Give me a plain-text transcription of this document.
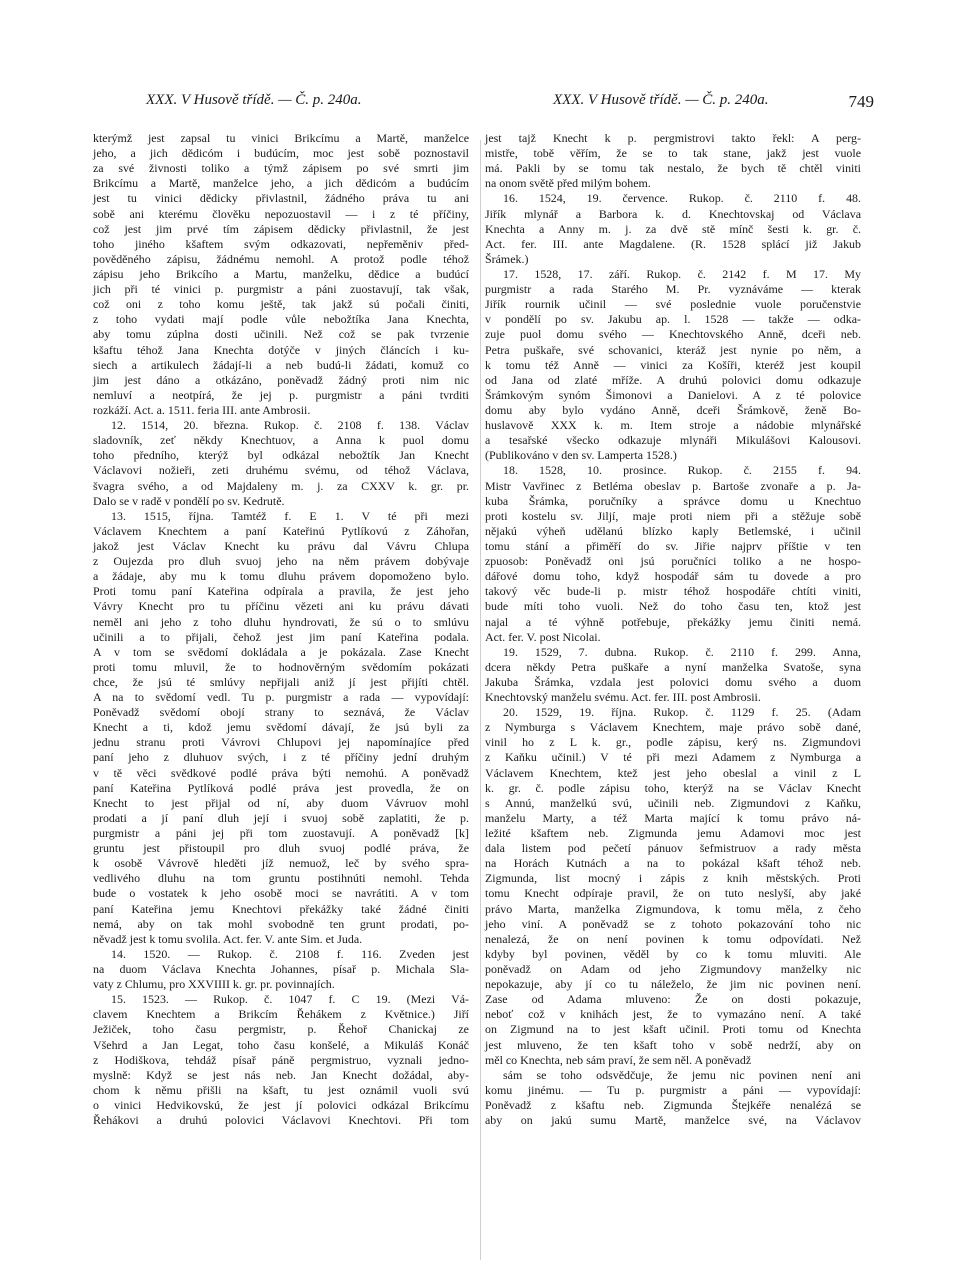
XXX. V Husově třídě. — Č. p. 240a.	XXX. V Husově třídě. — Č. p. 240a.	749
kterýmž jest zapsal tu vinici Brikcímu a Martě, manželce
jeho, a jich dědicóm i budúcím, moc jest sobě poznostavil
za své živnosti toliko a týmž zápisem po své smrti jim
Brikcímu a Martě, manželce jeho, a jich dědicóm a budúcím
jest tu vinici dědicky přivlastnil, žádného práva tu ani
sobě ani kterému člověku nepozuostavil — i z té příčiny,
což jest jim prvé tím zápisem dědicky přivlastnil, že jest
toho jiného kšaftem svým odkazovati, nepřeměniv před-
pověděného zápisu, žádnému nemohl. A protož podle téhož
zápisu jeho Brikcího a Martu, manželku, dědice a budúcí
jich při té vinici p. purgmistr a páni zuostavují, tak však,
což oni z toho komu ještě, tak jakž sú počali činiti,
z toho vydati mají podle vůle nebožtíka Jana Knechta,
aby tomu zúplna dosti učinili. Než což se pak tvrzenie
kšaftu téhož Jana Knechta dotýče v jiných článcích i ku-
siech a artikulech žádají-li a neb budú-li žádati, komuž co
jim jest dáno a otkázáno, poněvadž žádný proti nim nic
nemluví a neotpírá, že jej p. purgmistr a páni tvrditi
rozkáží. Act. a. 1511. feria III. ante Ambrosii.
12. 1514, 20. března. Rukop. č. 2108 f. 138. Václav
sladovník, zeť někdy Knechtuov, a Anna k puol domu
toho předního, kterýž byl odkázal nebožtík Jan Knecht
Václavovi nožieři, zeti druhému svému, od téhož Václava,
švagra svého, a od Majdaleny m. j. za CXXV k. gr. pr.
Dalo se v radě v pondělí po sv. Kedrutě.
13. 1515, října. Tamtéž f. E 1. V té při mezi
Václavem Knechtem a paní Kateřinú Pytlíkovú z Záhořan,
jakož jest Václav Knecht ku právu dal Vávru Chlupa
z Oujezda pro dluh svuoj jeho na něm právem dobývaje
a žádaje, aby mu k tomu dluhu právem dopomoženo bylo.
Proti tomu paní Kateřina odpírala a pravila, že jest jeho
Vávry Knecht pro tu příčinu vězeti ani ku právu dávati
neměl ani jeho z toho dluhu hyndrovati, že sú o to smlúvu
učinili a to přijali, čehož jest jim paní Kateřina podala.
A v tom se svědomí dokládala a je pokázala. Zase Knecht
proti tomu mluvil, že to hodnověrným svědomím pokázati
chce, že jsú té smlúvy nepřijali aniž jí jest přijíti chtěl.
A na to svědomí vedl. Tu p. purgmistr a rada — vypovídají:
Poněvadž svědomí obojí strany to seznává, že Václav
Knecht a ti, kdož jemu svědomí dávají, že jsú byli za
jednu stranu proti Vávrovi Chlupovi jej napomínajíce před
paní jeho z dluhuov svých, i z té příčiny jední druhým
v tě věci svědkové podlé práva býti nemohú. A poněvadž
paní Kateřina Pytlíková podlé práva jest provedla, že on
Knecht to jest přijal od ní, aby duom Vávruov mohl
prodati a jí paní dluh její i svuoj sobě zaplatiti, že p.
purgmistr a páni jej při tom zuostavují. A poněvadž [k]
gruntu jest přistoupil pro dluh svuoj podlé práva, že
k osobě Vávrově hleděti jíž nemuož, leč by svého spra-
vedlivého dluhu na tom gruntu postihnúti nemohl. Tehda
bude o vostatek k jeho osobě moci se navrátiti. A v tom
paní Kateřina jemu Knechtovi překážky také žádné činiti
nemá, aby on tak mohl svobodně ten grunt prodati, po-
něvadž jest k tomu svolila. Act. fer. V. ante Sim. et Juda.
14. 1520. — Rukop. č. 2108 f. 116. Zveden jest
na duom Václava Knechta Johannes, písař p. Michala Sla-
vaty z Chlumu, pro XXVIIII k. gr. pr. povinnajích.
15. 1523. — Rukop. č. 1047 f. C 19. (Mezi Vá-
clavem Knechtem a Brikcím Řehákem z Květnice.) Jiří
Ježiček, toho času pergmistr, p. Řehoř Chanickaj ze
Všehrd a Jan Legat, toho času konšelé, a Mikuláš Konáč
z Hodiškova, tehdáž písař páně pergmistruo, vyznali jedno-
myslně: Když se jest nás neb. Jan Knecht dožádal, aby-
chom k němu přišli na kšaft, tu jest oznámil vuoli svú
o vinici Hedvikovskú, že jest jí polovici odkázal Brikcímu
Řehákovi a druhú polovici Václavovi Knechtovi. Při tom
jest tajž Knecht k p. pergmistrovi takto řekl: A perg-
mistře, tobě věřím, že se to tak stane, jakž jest vuole
má. Pakli by se tomu tak nestalo, že bych tě chtěl viniti
na onom světě před milým bohem.
16. 1524, 19. července. Rukop. č. 2110 f. 48.
Jiřík mlynář a Barbora k. d. Knechtovskaj od Václava
Knechta a Anny m. j. za dvě stě mínč šesti k. gr. č.
Act. fer. III. ante Magdalene. (R. 1528 splácí již Jakub
Šrámek.)
17. 1528, 17. září. Rukop. č. 2142 f. M 17. My
purgmistr a rada Starého M. Pr. vyznáváme — kterak
Jiřík rournik učinil — své poslednie vuole poručenstvie
v pondělí po sv. Jakubu ap. l. 1528 — takže — odka-
zuje puol domu svého — Knechtovského Anně, dceři neb.
Petra puškaře, své schovanici, kteráž jest nynie po něm, a
k tomu též Anně — vinici za Košíři, kteréž jest koupil
od Jana od zlaté mříže. A druhú polovici domu odkazuje
Šrámkovým synóm Šimonovi a Danielovi. A z té polovice
domu aby bylo vydáno Anně, dceři Šrámkově, ženě Bo-
huslavově XXX k. m. Item stroje a nádobie mlynářské
a tesařské všecko odkazuje mlynáři Mikulášovi Kalousovi.
(Publikováno v den sv. Lamperta 1528.)
18. 1528, 10. prosince. Rukop. č. 2155 f. 94.
Mistr Vavřinec z Betléma obeslav p. Bartoše zvonaře a p. Ja-
kuba Šrámka, poručníky a správce domu u Knechtuo
proti kostelu sv. Jiljí, maje proti niem při a stěžuje sobě
nějakú výheň udělanú blízko kaply Betlemské, i učinil
tomu stání a přiměří do sv. Jiřie najprv příštie v ten
zpuosob: Poněvadž oni jsú poručníci toliko a ne hospo-
dářové domu toho, když hospodář sám tu dovede a pro
takový věc bude-li p. mistr téhož hospodáře chtíti viniti,
bude míti toho vuoli. Než do toho času ten, ktož jest
najal a té výhně potřebuje, překážky jemu činiti nemá.
Act. fer. V. post Nicolai.
19. 1529, 7. dubna. Rukop. č. 2110 f. 299. Anna,
dcera někdy Petra puškaře a nyní manželka Svatoše, syna
Jakuba Šrámka, vzdala jest polovici domu svého a duom
Knechtovský manželu svému. Act. fer. III. post Ambrosii.
20. 1529, 19. října. Rukop. č. 1129 f. 25. (Adam
z Nymburga s Václavem Knechtem, maje právo sobě dané,
vinil ho z L k. gr., podle zápisu, kerý ns. Zigmundovi
z Kaňku učinil.) V té při mezi Adamem z Nymburga a
Václavem Knechtem, ktež jest jeho obeslal a vinil z L
k. gr. č. podle zápisu toho, kterýž na se Václav Knecht
s Annú, manželkú svú, učinili neb. Zigmundovi z Kaňku,
manželu Marty, a též Marta mající k tomu právo ná-
ležité kšaftem neb. Zigmunda jemu Adamovi moc jest
dala listem pod pečetí pánuov šefmistruov a rady města
na Horách Kutnách a na to pokázal kšaft téhož neb.
Zigmunda, list mocný i zápis z knih městských. Proti
tomu Knecht odpíraje pravil, že on tuto neslyší, aby jaké
právo Marta, manželka Zigmundova, k tomu měla, z čeho
jeho viní. A poněvadž se z tohoto pokazování toho nic
nenalezá, že on není povinen k tomu odpovídati. Než
kdyby byl povinen, věděl by co k tomu mluviti. Ale
poněvadž on Adam od jeho Zigmundovy manželky nic
nepokazuje, aby jí co tu náleželo, že jim nic povinen není.
Zase od Adama mluveno: Že on dosti pokazuje,
neboť což v knihách jest, že to vymazáno není. A také
on Zigmund na to jest kšaft učinil. Proti tomu od Knechta
jest mluveno, že ten kšaft toho v sobě nedrží, aby on
měl co Knechta, neb sám praví, že sem něl. A poněvadž
sám se toho odsvědčuje, že jemu nic povinen není ani
komu jinému. — Tu p. purgmistr a páni — vypovídají:
Poněvadž z kšaftu neb. Zigmunda Štejkéře nenalézá se
aby on jakú sumu Martě, manželce své, na Václavov
